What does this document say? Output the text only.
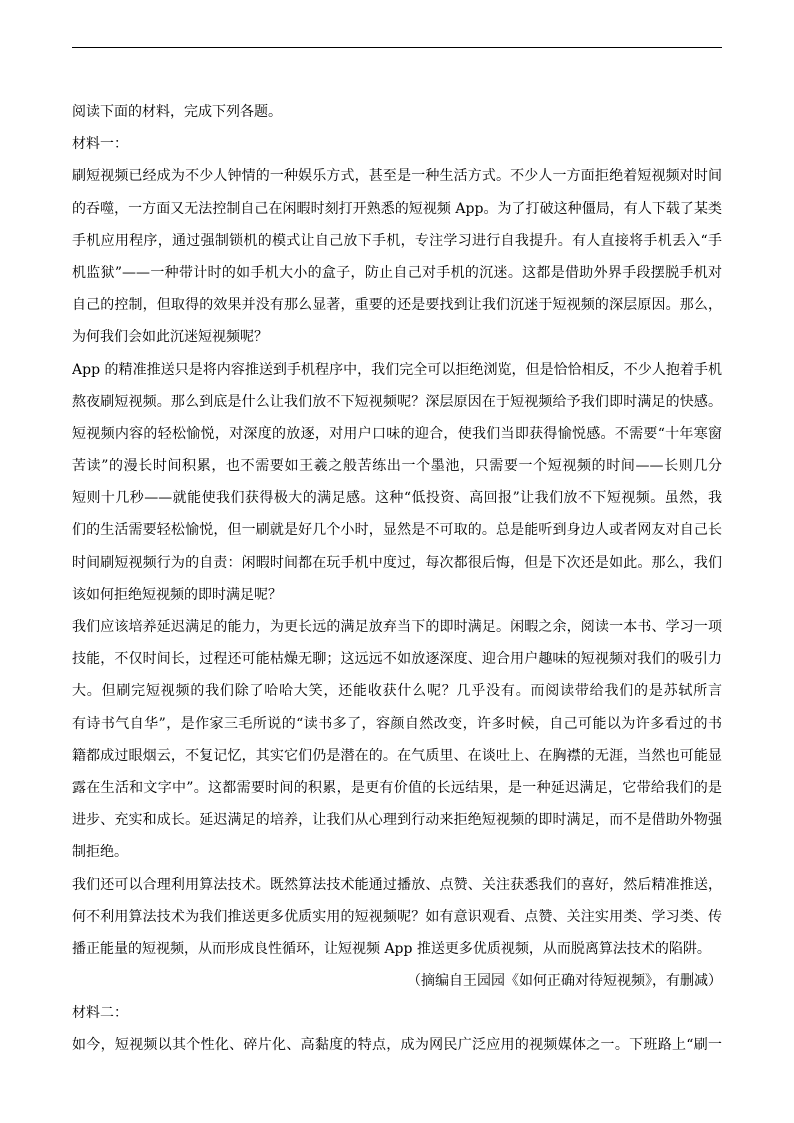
阅读下面的材料，完成下列各题。
材料一：
刷短视频已经成为不少人钟情的一种娱乐方式，甚至是一种生活方式。不少人一方面拒绝着短视频对时间
的吞噬，一方面又无法控制自己在闲暇时刻打开熟悉的短视频 App。为了打破这种僵局，有人下载了某类
手机应用程序，通过强制锁机的模式让自己放下手机，专注学习进行自我提升。有人直接将手机丢入“手
机监狱”——一种带计时的如手机大小的盒子，防止自己对手机的沉迷。这都是借助外界手段摆脱手机对
自己的控制，但取得的效果并没有那么显著，重要的还是要找到让我们沉迷于短视频的深层原因。那么，
为何我们会如此沉迷短视频呢？
App 的精准推送只是将内容推送到手机程序中，我们完全可以拒绝浏览，但是恰恰相反，不少人抱着手机
熬夜刷短视频。那么到底是什么让我们放不下短视频呢？深层原因在于短视频给予我们即时满足的快感。
短视频内容的轻松愉悦，对深度的放逐，对用户口味的迎合，使我们当即获得愉悦感。不需要“十年寒窗
苦读”的漫长时间积累，也不需要如王羲之般苦练出一个墨池，只需要一个短视频的时间——长则几分
短则十几秒——就能使我们获得极大的满足感。这种“低投资、高回报”让我们放不下短视频。虽然，我
们的生活需要轻松愉悦，但一刷就是好几个小时，显然是不可取的。总是能听到身边人或者网友对自己长
时间刷短视频行为的自责：闲暇时间都在玩手机中度过，每次都很后悔，但是下次还是如此。那么，我们
该如何拒绝短视频的即时满足呢？
我们应该培养延迟满足的能力，为更长远的满足放弃当下的即时满足。闲暇之余，阅读一本书、学习一项
技能，不仅时间长，过程还可能枯燥无聊；这远远不如放逐深度、迎合用户趣味的短视频对我们的吸引力
大。但刷完短视频的我们除了哈哈大笑，还能收获什么呢？几乎没有。而阅读带给我们的是苏轼所言
有诗书气自华”，是作家三毛所说的“读书多了，容颜自然改变，许多时候，自己可能以为许多看过的书
籍都成过眼烟云，不复记忆，其实它们仍是潜在的。在气质里、在谈吐上、在胸襟的无涯，当然也可能显
露在生活和文字中”。这都需要时间的积累，是更有价值的长远结果，是一种延迟满足，它带给我们的是
进步、充实和成长。延迟满足的培养，让我们从心理到行动来拒绝短视频的即时满足，而不是借助外物强
制拒绝。
我们还可以合理利用算法技术。既然算法技术能通过播放、点赞、关注获悉我们的喜好，然后精准推送，
何不利用算法技术为我们推送更多优质实用的短视频呢？如有意识观看、点赞、关注实用类、学习类、传
播正能量的短视频，从而形成良性循环，让短视频 App 推送更多优质视频，从而脱离算法技术的陷阱。
（摘编自王园园《如何正确对待短视频》，有删减）
材料二：
如今，短视频以其个性化、碎片化、高黏度的特点，成为网民广泛应用的视频媒体之一。下班路上“刷一
